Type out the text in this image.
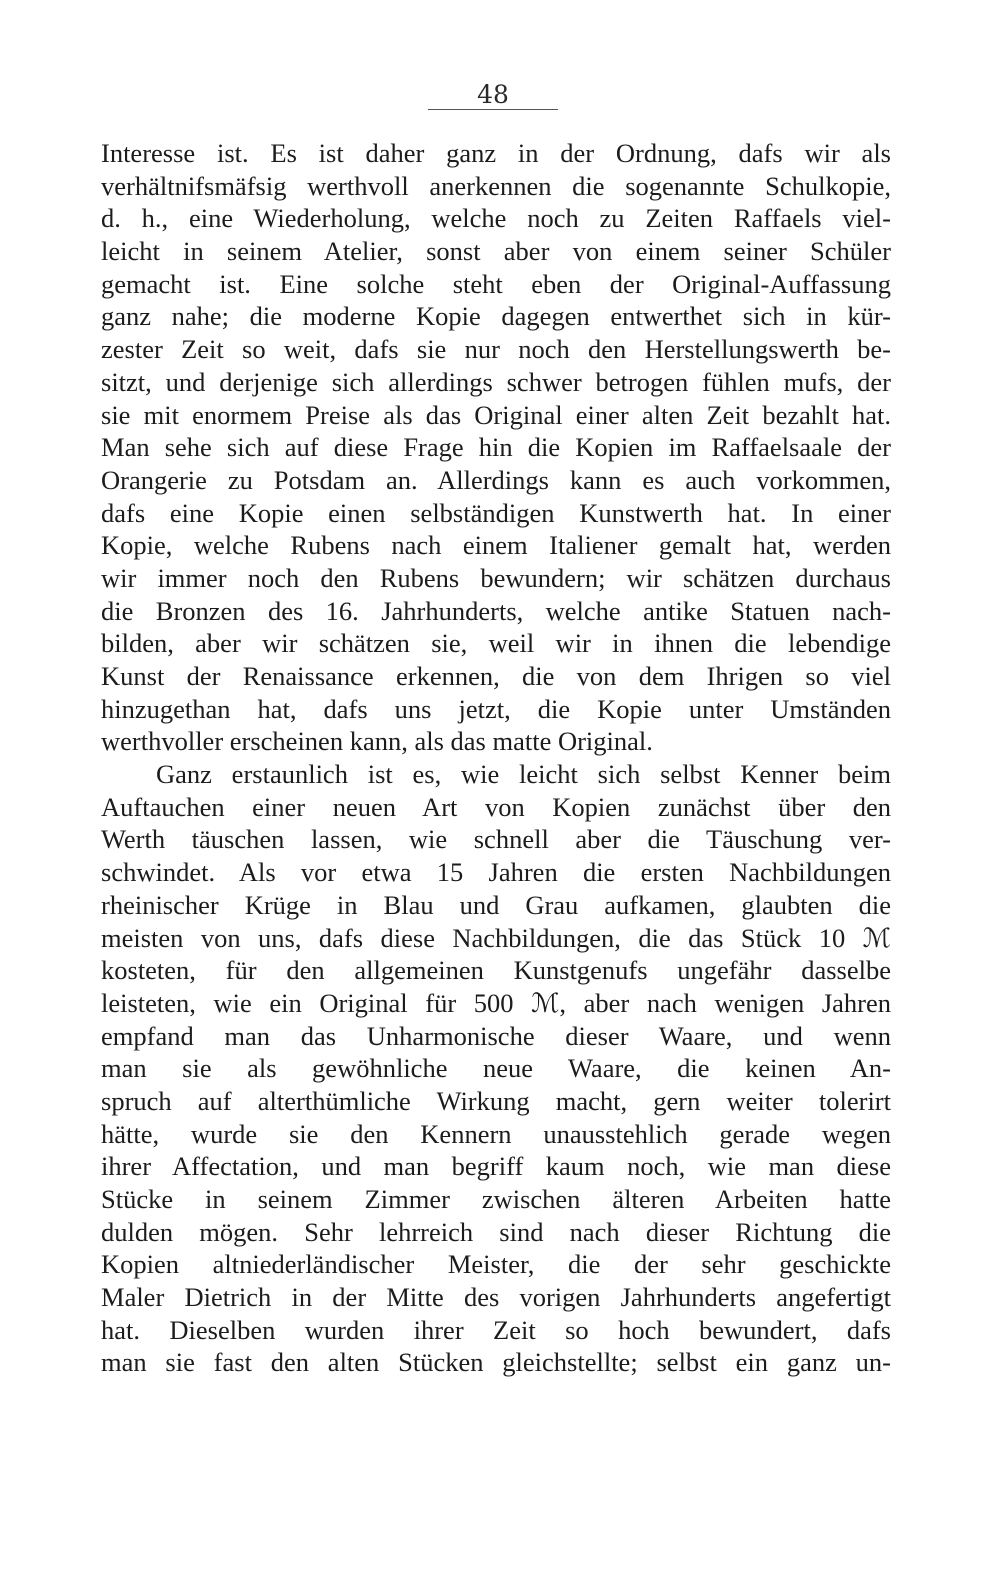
48
Interesse ist. Es ist daher ganz in der Ordnung, dafs wir als
verhältnifsmäfsig werthvoll anerkennen die sogenannte Schulkopie,
d. h., eine Wiederholung, welche noch zu Zeiten Raffaels viel-
leicht in seinem Atelier, sonst aber von einem seiner Schüler
gemacht ist. Eine solche steht eben der Original-Auffassung
ganz nahe; die moderne Kopie dagegen entwerthet sich in kür-
zester Zeit so weit, dafs sie nur noch den Herstellungswerth be-
sitzt, und derjenige sich allerdings schwer betrogen fühlen mufs, der
sie mit enormem Preise als das Original einer alten Zeit bezahlt hat.
Man sehe sich auf diese Frage hin die Kopien im Raffaelsaale der
Orangerie zu Potsdam an. Allerdings kann es auch vorkommen,
dafs eine Kopie einen selbständigen Kunstwerth hat. In einer
Kopie, welche Rubens nach einem Italiener gemalt hat, werden
wir immer noch den Rubens bewundern; wir schätzen durchaus
die Bronzen des 16. Jahrhunderts, welche antike Statuen nach-
bilden, aber wir schätzen sie, weil wir in ihnen die lebendige
Kunst der Renaissance erkennen, die von dem Ihrigen so viel
hinzugethan hat, dafs uns jetzt, die Kopie unter Umständen
werthvoller erscheinen kann, als das matte Original.
Ganz erstaunlich ist es, wie leicht sich selbst Kenner beim
Auftauchen einer neuen Art von Kopien zunächst über den
Werth täuschen lassen, wie schnell aber die Täuschung ver-
schwindet. Als vor etwa 15 Jahren die ersten Nachbildungen
rheinischer Krüge in Blau und Grau aufkamen, glaubten die
meisten von uns, dafs diese Nachbildungen, die das Stück 10 ℳ
kosteten, für den allgemeinen Kunstgenufs ungefähr dasselbe
leisteten, wie ein Original für 500 ℳ, aber nach wenigen Jahren
empfand man das Unharmonische dieser Waare, und wenn
man sie als gewöhnliche neue Waare, die keinen An-
spruch auf alterthümliche Wirkung macht, gern weiter tolerirt
hätte, wurde sie den Kennern unausstehlich gerade wegen
ihrer Affectation, und man begriff kaum noch, wie man diese
Stücke in seinem Zimmer zwischen älteren Arbeiten hatte
dulden mögen. Sehr lehrreich sind nach dieser Richtung die
Kopien altniederländischer Meister, die der sehr geschickte
Maler Dietrich in der Mitte des vorigen Jahrhunderts angefertigt
hat. Dieselben wurden ihrer Zeit so hoch bewundert, dafs
man sie fast den alten Stücken gleichstellte; selbst ein ganz un-
